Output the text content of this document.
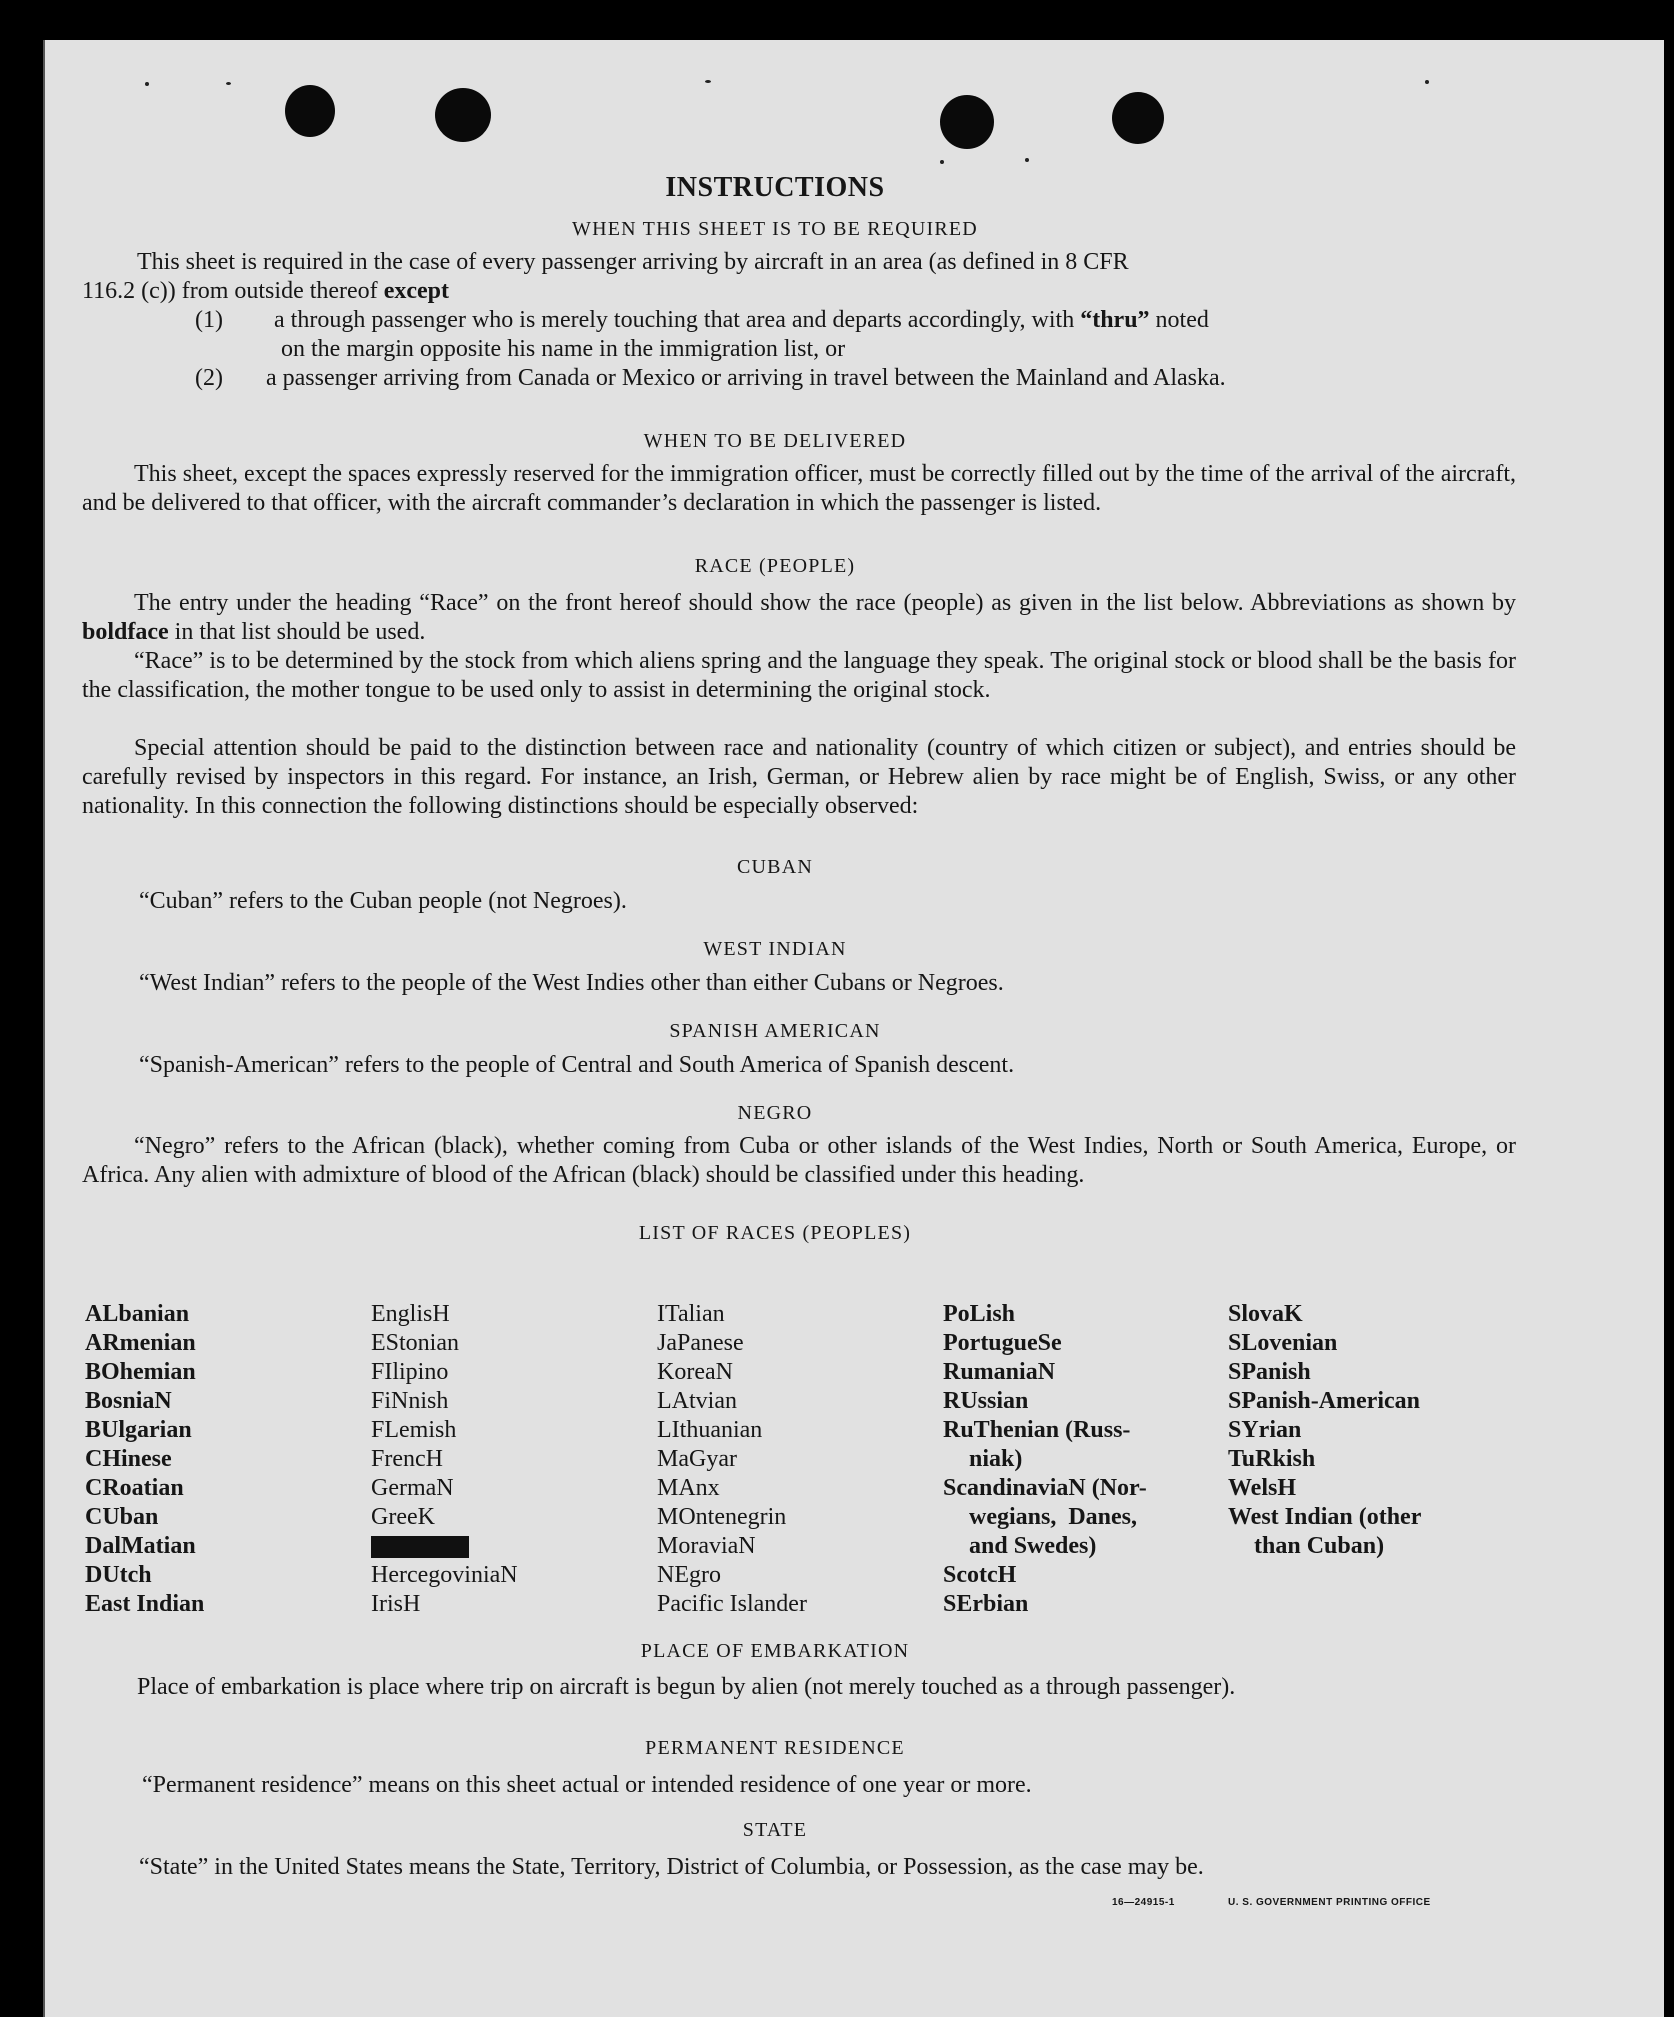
INSTRUCTIONS
WHEN THIS SHEET IS TO BE REQUIRED
This sheet is required in the case of every passenger arriving by aircraft in an area (as defined in 8 CFR
116.2 (c)) from outside thereof except
(1) a through passenger who is merely touching that area and departs accordingly, with “thru” noted
on the margin opposite his name in the immigration list, or
(2)	a passenger arriving from Canada or Mexico or arriving in travel between the Mainland and Alaska.
WHEN TO BE DELIVERED
This sheet, except the spaces expressly reserved for the immigration officer, must be correctly filled out by the time of the arrival of the aircraft, and be delivered to that officer, with the aircraft commander’s declaration in which the passenger is listed.
RACE (PEOPLE)
The entry under the heading “Race” on the front hereof should show the race (people) as given in the list below. Abbreviations as shown by boldface in that list should be used.
“Race” is to be determined by the stock from which aliens spring and the language they speak. The original stock or blood shall be the basis for the classification, the mother tongue to be used only to assist in determining the original stock.
Special attention should be paid to the distinction between race and nationality (country of which citizen or subject), and entries should be carefully revised by inspectors in this regard. For instance, an Irish, German, or Hebrew alien by race might be of English, Swiss, or any other nationality. In this connection the following distinctions should be especially observed:
CUBAN
“Cuban” refers to the Cuban people (not Negroes).
WEST INDIAN
“West Indian” refers to the people of the West Indies other than either Cubans or Negroes.
SPANISH AMERICAN
“Spanish-American” refers to the people of Central and South America of Spanish descent.
NEGRO
“Negro” refers to the African (black), whether coming from Cuba or other islands of the West Indies, North or South America, Europe, or Africa. Any alien with admixture of blood of the African (black) should be classified under this heading.
LIST OF RACES (PEOPLES)
ALbanian
ARmenian
BOhemian
BosniaN
BUlgarian
CHinese
CRoatian
CUban
DalMatian
DUtch
East Indian
EnglisH
EStonian
FIlipino
FiNnish
FLemish
FrencH
GermaN
GreeK
HercegoviniaN
IrisH
ITalian
JaPanese
KoreaN
LAtvian
LIthuanian
MaGyar
MAnx
MOntenegrin
MoraviaN
NEgro
Pacific Islander
PoLish
PortugueSe
RumaniaN
RUssian
RuThenian (Russ-
niak)
ScandinaviaN (Nor-
wegians, Danes,
and Swedes)
ScotcH
SErbian
SlovaK
SLovenian
SPanish
SPanish-American
SYrian
TuRkish
WelsH
West Indian (other
than Cuban)
PLACE OF EMBARKATION
Place of embarkation is place where trip on aircraft is begun by alien (not merely touched as a through passenger).
PERMANENT RESIDENCE
“Permanent residence” means on this sheet actual or intended residence of one year or more.
STATE
“State” in the United States means the State, Territory, District of Columbia, or Possession, as the case may be.
16—24915-1	U. S. GOVERNMENT PRINTING OFFICE
